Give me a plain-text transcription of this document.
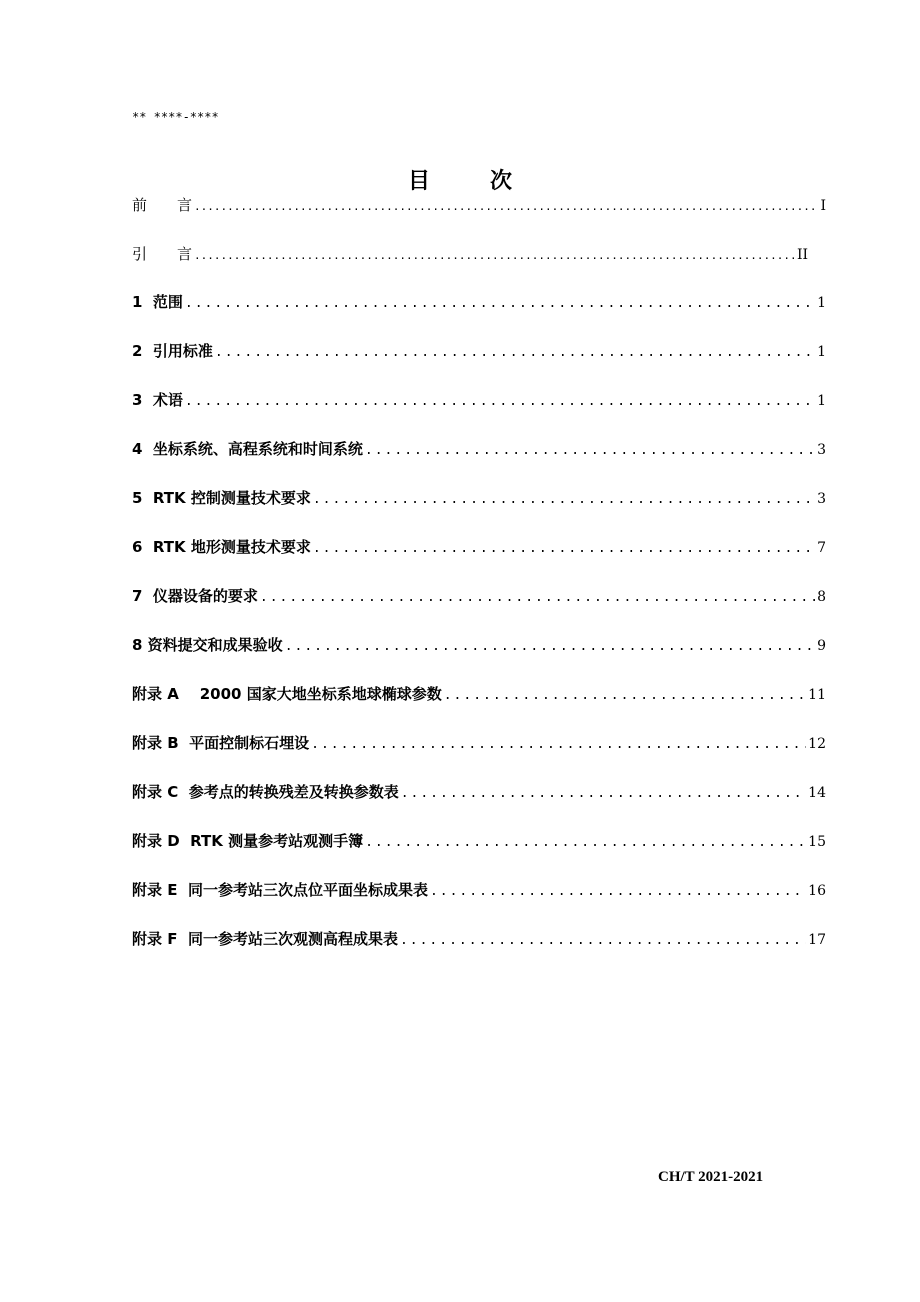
** ****-****
目	次
前　　言 .....	I
引　　言 .....	II
1 范围 .....	1
2 引用标准 .....	1
3 术语 .....	1
4 坐标系统、高程系统和时间系统 .....	3
5 RTK 控制测量技术要求 .....	3
6 RTK 地形测量技术要求 .....	7
7 仪器设备的要求 .....	8
8 资料提交和成果验收 .....	9
附录 A 2000 国家大地坐标系地球椭球参数 .....	11
附录 B 平面控制标石埋设 .....	12
附录 C 参考点的转换残差及转换参数表 .....	14
附录 D RTK 测量参考站观测手簿 .....	15
附录 E 同一参考站三次点位平面坐标成果表 .....	16
附录 F 同一参考站三次观测高程成果表 .....	17
CH/T 2021-2021
